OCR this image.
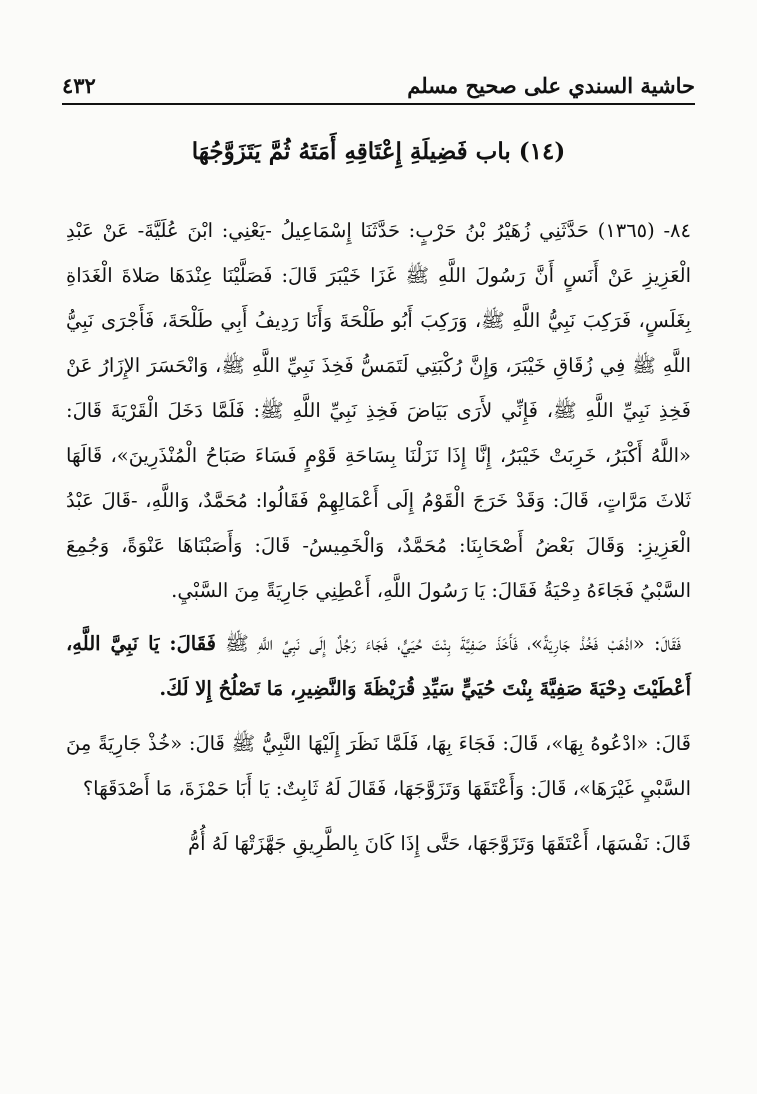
٤٣٢	حاشية السندي على صحيح مسلم
(١٤) باب فَضِيلَةِ إِعْتَاقِهِ أَمَتَهُ ثُمَّ يَتَزَوَّجُهَا

٨٤- (١٣٦٥) حَدَّثَنِي زُهَيْرُ بْنُ حَرْبٍ: حَدَّثَنَا إِسْمَاعِيلُ -يَعْنِي: ابْنَ عُلَيَّةَ- عَنْ عَبْدِ الْعَزِيزِ عَنْ أَنَسٍ أَنَّ رَسُولَ اللَّهِ ﷺ غَزَا خَيْبَرَ قَالَ: فَصَلَّيْنَا عِنْدَهَا صَلاةَ الْغَدَاةِ بِغَلَسٍ، فَرَكِبَ نَبِيُّ اللَّهِ ﷺ، وَرَكِبَ أَبُو طَلْحَةَ وَأَنَا رَدِيفُ أَبِي طَلْحَةَ، فَأَجْرَى نَبِيُّ اللَّهِ ﷺ فِي زُقَاقِ خَيْبَرَ، وَإِنَّ رُكْبَتِي لَتَمَسُّ فَخِذَ نَبِيِّ اللَّهِ ﷺ، وَانْحَسَرَ الإِزَارُ عَنْ فَخِذِ نَبِيِّ اللَّهِ ﷺ، فَإِنِّي لأَرَى بَيَاضَ فَخِذِ نَبِيِّ اللَّهِ ﷺ: فَلَمَّا دَخَلَ الْقَرْيَةَ قَالَ: «اللَّهُ أَكْبَرُ، خَرِبَتْ خَيْبَرُ، إِنَّا إِذَا نَزَلْنَا بِسَاحَةِ قَوْمٍ فَسَاءَ صَبَاحُ الْمُنْذَرِينَ»، قَالَهَا ثَلاثَ مَرَّاتٍ، قَالَ: وَقَدْ خَرَجَ الْقَوْمُ إِلَى أَعْمَالِهِمْ فَقَالُوا: مُحَمَّدٌ، وَاللَّهِ، -قَالَ عَبْدُ الْعَزِيزِ: وَقَالَ بَعْضُ أَصْحَابِنَا: مُحَمَّدٌ، وَالْخَمِيسُ- قَالَ: وَأَصَبْنَاهَا عَنْوَةً، وَجُمِعَ السَّبْيُ فَجَاءَهُ دِحْيَةُ فَقَالَ: يَا رَسُولَ اللَّهِ، أَعْطِنِي جَارِيَةً مِنَ السَّبْيِ.

فَقَالَ: «اذْهَبْ فَخُذْ جَارِيَةً»، فَأَخَذَ صَفِيَّةَ بِنْتَ حُيَيٍّ، فَجَاءَ رَجُلٌ إِلَى نَبِيِّ اللَّهِ ﷺ فَقَالَ: يَا نَبِيَّ اللَّهِ، أَعْطَيْتَ دِحْيَةَ صَفِيَّةَ بِنْتَ حُيَيٍّ سَيِّدِ قُرَيْظَةَ وَالنَّضِيرِ، مَا تَصْلُحُ إِلا لَكَ.

قَالَ: «ادْعُوهُ بِهَا»، قَالَ: فَجَاءَ بِهَا، فَلَمَّا نَظَرَ إِلَيْهَا النَّبِيُّ ﷺ قَالَ: «خُذْ جَارِيَةً مِنَ السَّبْيِ غَيْرَهَا»، قَالَ: وَأَعْتَقَهَا وَتَزَوَّجَهَا، فَقَالَ لَهُ ثَابِتٌ: يَا أَبَا حَمْزَةَ، مَا أَصْدَقَهَا؟

قَالَ: نَفْسَهَا، أَعْتَقَهَا وَتَزَوَّجَهَا، حَتَّى إِذَا كَانَ بِالطَّرِيقِ جَهَّزَتْهَا لَهُ أُمُّ
